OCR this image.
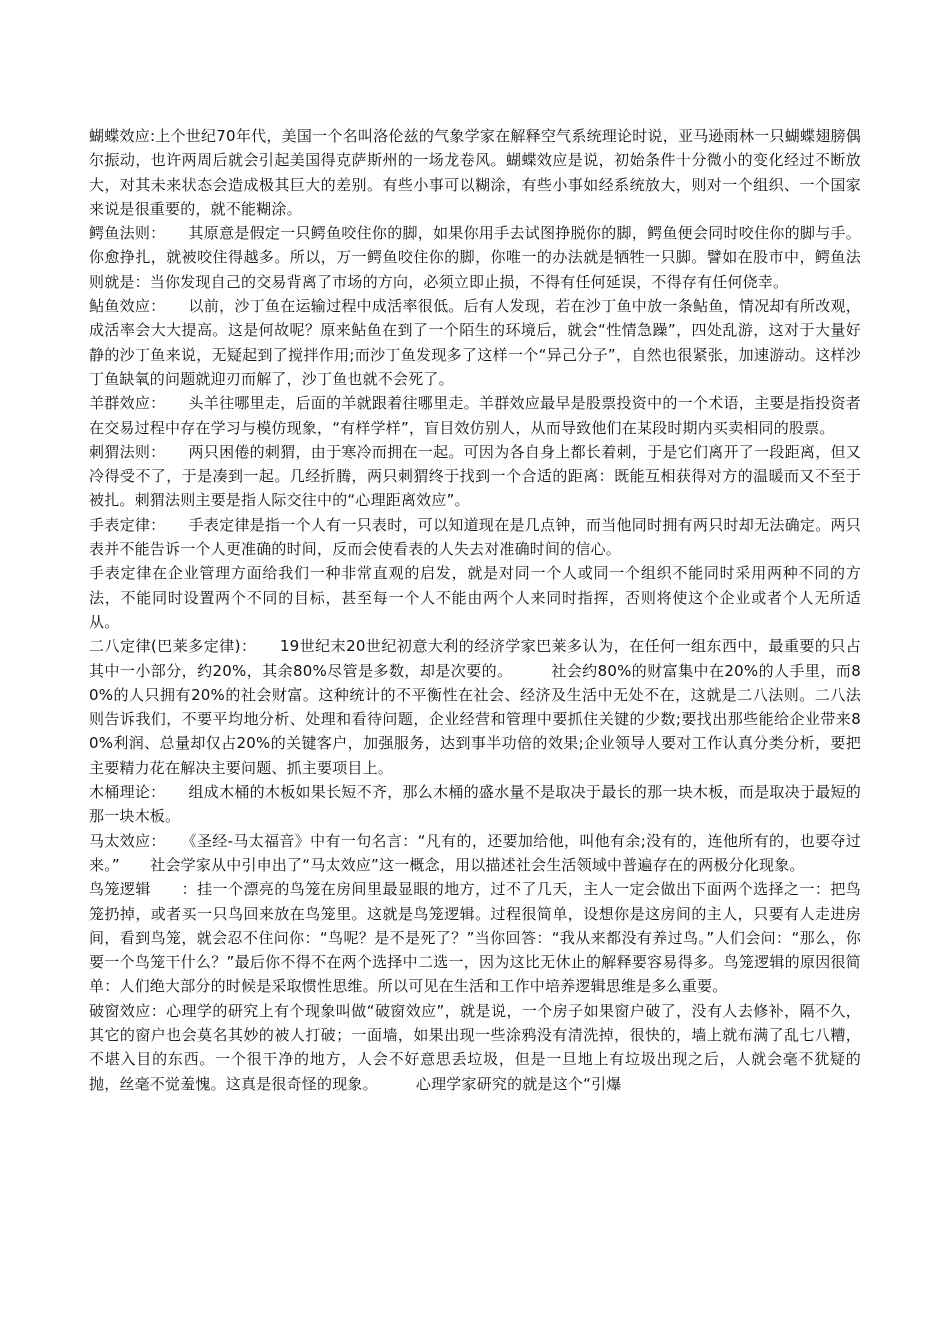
蝴蝶效应:上个世纪70年代，美国一个名叫洛伦兹的气象学家在解释空气系统理论时说，亚马逊雨林一只蝴蝶翅膀偶尔振动，也许两周后就会引起美国得克萨斯州的一场龙卷风。蝴蝶效应是说，初始条件十分微小的变化经过不断放大，对其未来状态会造成极其巨大的差别。有些小事可以糊涂，有些小事如经系统放大，则对一个组织、一个国家来说是很重要的，就不能糊涂。

鳄鱼法则：　　其原意是假定一只鳄鱼咬住你的脚，如果你用手去试图挣脱你的脚，鳄鱼便会同时咬住你的脚与手。你愈挣扎，就被咬住得越多。所以，万一鳄鱼咬住你的脚，你唯一的办法就是牺牲一只脚。譬如在股市中，鳄鱼法则就是：当你发现自己的交易背离了市场的方向，必须立即止损，不得有任何延误，不得存有任何侥幸。

鲇鱼效应：　　以前，沙丁鱼在运输过程中成活率很低。后有人发现，若在沙丁鱼中放一条鲇鱼，情况却有所改观，成活率会大大提高。这是何故呢？原来鲇鱼在到了一个陌生的环境后，就会“性情急躁”，四处乱游，这对于大量好静的沙丁鱼来说，无疑起到了搅拌作用;而沙丁鱼发现多了这样一个“异己分子”，自然也很紧张，加速游动。这样沙丁鱼缺氧的问题就迎刃而解了，沙丁鱼也就不会死了。

羊群效应：　　头羊往哪里走，后面的羊就跟着往哪里走。羊群效应最早是股票投资中的一个术语，主要是指投资者在交易过程中存在学习与模仿现象，“有样学样”，盲目效仿别人，从而导致他们在某段时期内买卖相同的股票。

刺猬法则：　　两只困倦的刺猬，由于寒冷而拥在一起。可因为各自身上都长着刺，于是它们离开了一段距离，但又冷得受不了，于是凑到一起。几经折腾，两只刺猬终于找到一个合适的距离：既能互相获得对方的温暖而又不至于被扎。刺猬法则主要是指人际交往中的“心理距离效应”。

手表定律：　　手表定律是指一个人有一只表时，可以知道现在是几点钟，而当他同时拥有两只时却无法确定。两只表并不能告诉一个人更准确的时间，反而会使看表的人失去对准确时间的信心。

手表定律在企业管理方面给我们一种非常直观的启发，就是对同一个人或同一个组织不能同时采用两种不同的方法，不能同时设置两个不同的目标，甚至每一个人不能由两个人来同时指挥，否则将使这个企业或者个人无所适从。

二八定律(巴莱多定律)：　　19世纪末20世纪初意大利的经济学家巴莱多认为，在任何一组东西中，最重要的只占其中一小部分，约20%，其余80%尽管是多数，却是次要的。　　　社会约80%的财富集中在20%的人手里，而80%的人只拥有20%的社会财富。这种统计的不平衡性在社会、经济及生活中无处不在，这就是二八法则。二八法则告诉我们，不要平均地分析、处理和看待问题，企业经营和管理中要抓住关键的少数;要找出那些能给企业带来80%利润、总量却仅占20%的关键客户，加强服务，达到事半功倍的效果;企业领导人要对工作认真分类分析，要把主要精力花在解决主要问题、抓主要项目上。

木桶理论：　　组成木桶的木板如果长短不齐，那么木桶的盛水量不是取决于最长的那一块木板，而是取决于最短的那一块木板。

马太效应：　　《圣经-马太福音》中有一句名言：“凡有的，还要加给他，叫他有余;没有的，连他所有的，也要夺过来。”　　社会学家从中引申出了“马太效应”这一概念，用以描述社会生活领域中普遍存在的两极分化现象。

鸟笼逻辑　　：挂一个漂亮的鸟笼在房间里最显眼的地方，过不了几天，主人一定会做出下面两个选择之一：把鸟笼扔掉，或者买一只鸟回来放在鸟笼里。这就是鸟笼逻辑。过程很简单，设想你是这房间的主人，只要有人走进房间，看到鸟笼，就会忍不住问你：“鸟呢？是不是死了？”当你回答：“我从来都没有养过鸟。”人们会问：“那么，你要一个鸟笼干什么？”最后你不得不在两个选择中二选一，因为这比无休止的解释要容易得多。鸟笼逻辑的原因很简单：人们绝大部分的时候是采取惯性思维。所以可见在生活和工作中培养逻辑思维是多么重要。

破窗效应：心理学的研究上有个现象叫做“破窗效应”，就是说，一个房子如果窗户破了，没有人去修补，隔不久，其它的窗户也会莫名其妙的被人打破；一面墙，如果出现一些涂鸦没有清洗掉，很快的，墙上就布满了乱七八糟，不堪入目的东西。一个很干净的地方，人会不好意思丢垃圾，但是一旦地上有垃圾出现之后，人就会毫不犹疑的抛，丝毫不觉羞愧。这真是很奇怪的现象。　　　心理学家研究的就是这个“引爆
